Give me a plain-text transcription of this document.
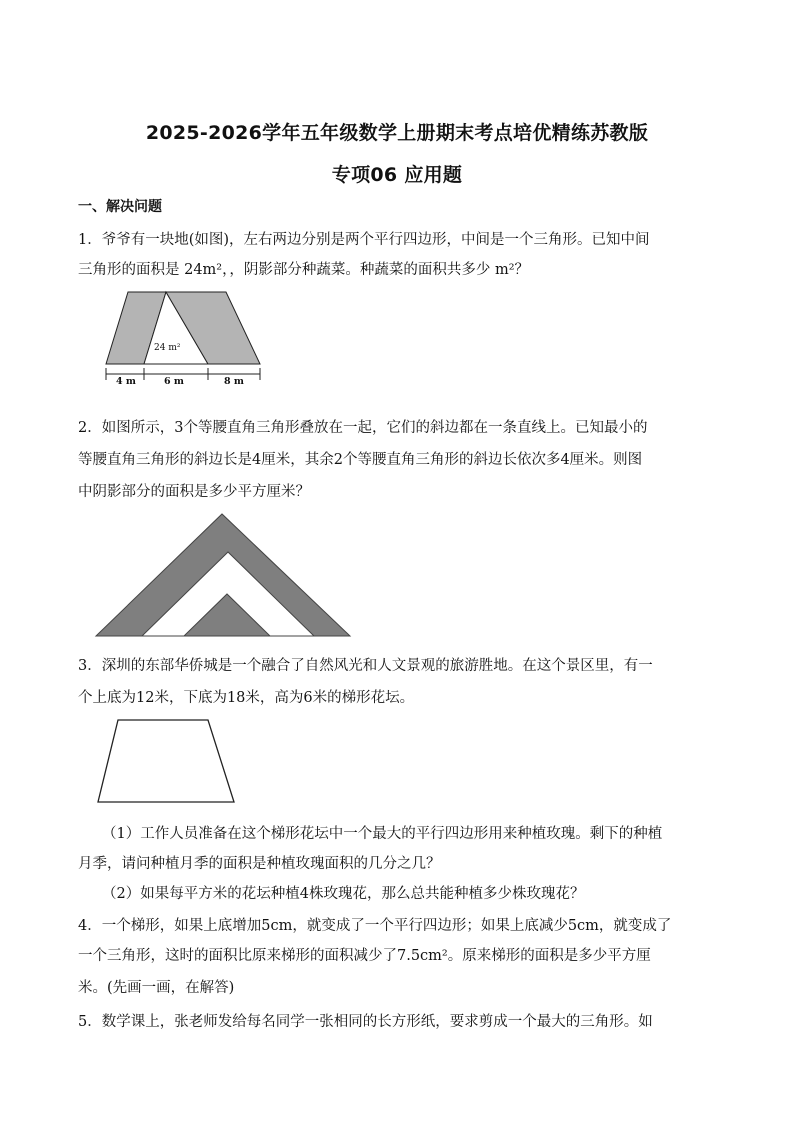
2025-2026学年五年级数学上册期末考点培优精练苏教版
专项06 应用题
一、解决问题
1．爷爷有一块地(如图)，左右两边分别是两个平行四边形，中间是一个三角形。已知中间
三角形的面积是 24m²，，阴影部分种蔬菜。种蔬菜的面积共多少 m²？
24 m²
4 m	6 m	8 m
2．如图所示，3个等腰直角三角形叠放在一起，它们的斜边都在一条直线上。已知最小的
等腰直角三角形的斜边长是4厘米，其余2个等腰直角三角形的斜边长依次多4厘米。则图
中阴影部分的面积是多少平方厘米？
3．深圳的东部华侨城是一个融合了自然风光和人文景观的旅游胜地。在这个景区里，有一
个上底为12米，下底为18米，高为6米的梯形花坛。
（1）工作人员准备在这个梯形花坛中一个最大的平行四边形用来种植玫瑰。剩下的种植
月季，请问种植月季的面积是种植玫瑰面积的几分之几？
（2）如果每平方米的花坛种植4株玫瑰花，那么总共能种植多少株玫瑰花？
4．一个梯形，如果上底增加5cm，就变成了一个平行四边形；如果上底减少5cm，就变成了
一个三角形，这时的面积比原来梯形的面积减少了7.5cm²。原来梯形的面积是多少平方厘
米。(先画一画，在解答)
5．数学课上，张老师发给每名同学一张相同的长方形纸，要求剪成一个最大的三角形。如
